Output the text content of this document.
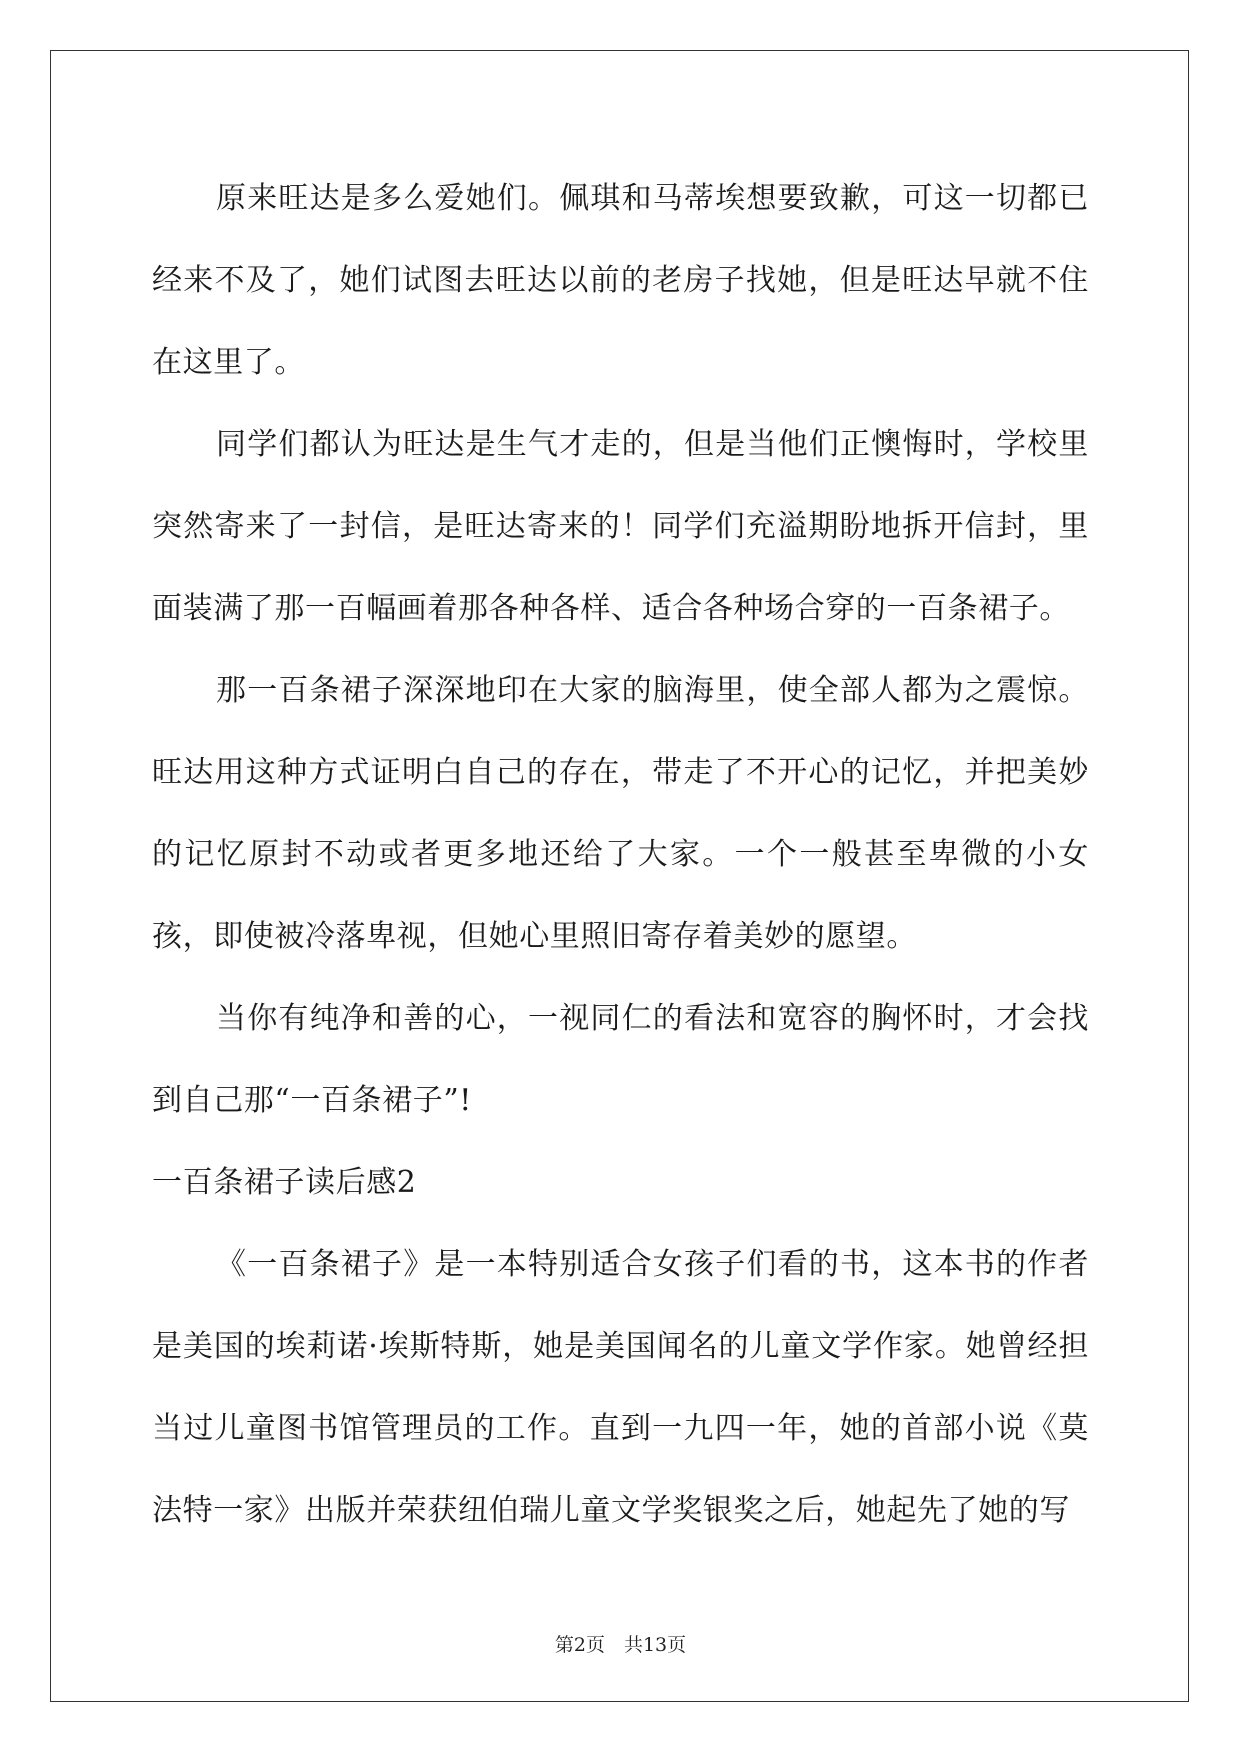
原来旺达是多么爱她们。佩琪和马蒂埃想要致歉，可这一切都已经来不及了，她们试图去旺达以前的老房子找她，但是旺达早就不住在这里了。

同学们都认为旺达是生气才走的，但是当他们正懊悔时，学校里突然寄来了一封信，是旺达寄来的！同学们充溢期盼地拆开信封，里面装满了那一百幅画着那各种各样、适合各种场合穿的一百条裙子。

那一百条裙子深深地印在大家的脑海里，使全部人都为之震惊。旺达用这种方式证明白自己的存在，带走了不开心的记忆，并把美妙的记忆原封不动或者更多地还给了大家。一个一般甚至卑微的小女孩，即使被冷落卑视，但她心里照旧寄存着美妙的愿望。

当你有纯净和善的心，一视同仁的看法和宽容的胸怀时，才会找到自己那“一百条裙子”!

一百条裙子读后感2

《一百条裙子》是一本特别适合女孩子们看的书，这本书的作者是美国的埃莉诺·埃斯特斯，她是美国闻名的儿童文学作家。她曾经担当过儿童图书馆管理员的工作。直到一九四一年，她的首部小说《莫法特一家》出版并荣获纽伯瑞儿童文学奖银奖之后，她起先了她的写

第2页　共13页
